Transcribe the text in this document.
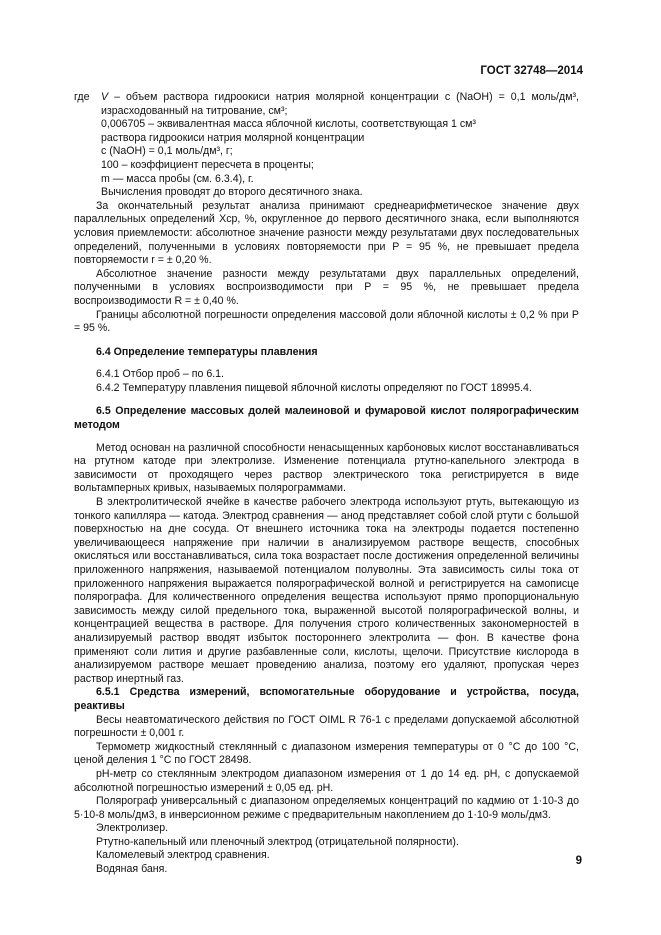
ГОСТ 32748—2014

где V – объем раствора гидроокиси натрия молярной концентрации c (NaOH) = 0,1 моль/дм³, израсходованный на титрование, см³;

0,006705 – эквивалентная масса яблочной кислоты, соответствующая 1 см³

раствора гидроокиси натрия молярной концентрации

c (NaOH) = 0,1 моль/дм³, г;

100 – коэффициент пересчета в проценты;

m — масса пробы (см. 6.3.4), г.

Вычисления проводят до второго десятичного знака.

За окончательный результат анализа принимают среднеарифметическое значение двух параллельных определений Xср, %, округленное до первого десятичного знака, если выполняются условия приемлемости: абсолютное значение разности между результатами двух последовательных определений, полученными в условиях повторяемости при P = 95 %, не превышает предела повторяемости r = ± 0,20 %.

Абсолютное значение разности между результатами двух параллельных определений, полученными в условиях воспроизводимости при P = 95 %, не превышает предела воспроизводимости R = ± 0,40 %.

Границы абсолютной погрешности определения массовой доли яблочной кислоты ± 0,2 % при P = 95 %.

6.4 Определение температуры плавления

6.4.1 Отбор проб – по 6.1.

6.4.2 Температуру плавления пищевой яблочной кислоты определяют по ГОСТ 18995.4.

6.5 Определение массовых долей малеиновой и фумаровой кислот полярографическим методом

Метод основан на различной способности ненасыщенных карбоновых кислот восстанавливаться на ртутном катоде при электролизе. Изменение потенциала ртутно-капельного электрода в зависимости от проходящего через раствор электрического тока регистрируется в виде вольтамперных кривых, называемых полярограммами.

В электролитической ячейке в качестве рабочего электрода используют ртуть, вытекающую из тонкого капилляра — катода. Электрод сравнения — анод представляет собой слой ртути с большой поверхностью на дне сосуда. От внешнего источника тока на электроды подается постепенно увеличивающееся напряжение при наличии в анализируемом растворе веществ, способных окисляться или восстанавливаться, сила тока возрастает после достижения определенной величины приложенного напряжения, называемой потенциалом полуволны. Эта зависимость силы тока от приложенного напряжения выражается полярографической волной и регистрируется на самописце полярографа. Для количественного определения вещества используют прямо пропорциональную зависимость между силой предельного тока, выраженной высотой полярографической волны, и концентрацией вещества в растворе. Для получения строго количественных закономерностей в анализируемый раствор вводят избыток постороннего электролита — фон. В качестве фона применяют соли лития и другие разбавленные соли, кислоты, щелочи. Присутствие кислорода в анализируемом растворе мешает проведению анализа, поэтому его удаляют, пропуская через раствор инертный газ.

6.5.1 Средства измерений, вспомогательные оборудование и устройства, посуда, реактивы

Весы неавтоматического действия по ГОСТ OIML R 76-1 с пределами допускаемой абсолютной погрешности ± 0,001 г.

Термометр жидкостный стеклянный с диапазоном измерения температуры от 0 °С до 100 °С, ценой деления 1 °С по ГОСТ 28498.

pH-метр со стеклянным электродом диапазоном измерения от 1 до 14 ед. pH, с допускаемой абсолютной погрешностью измерений ± 0,05 ед. pH.

Полярограф универсальный с диапазоном определяемых концентраций по кадмию от 1·10-3 до 5·10-8 моль/дм3, в инверсионном режиме с предварительным накоплением до 1·10-9 моль/дм3.

Электролизер.

Ртутно-капельный или пленочный электрод (отрицательной полярности).

Каломелевый электрод сравнения.

Водяная баня.

9
